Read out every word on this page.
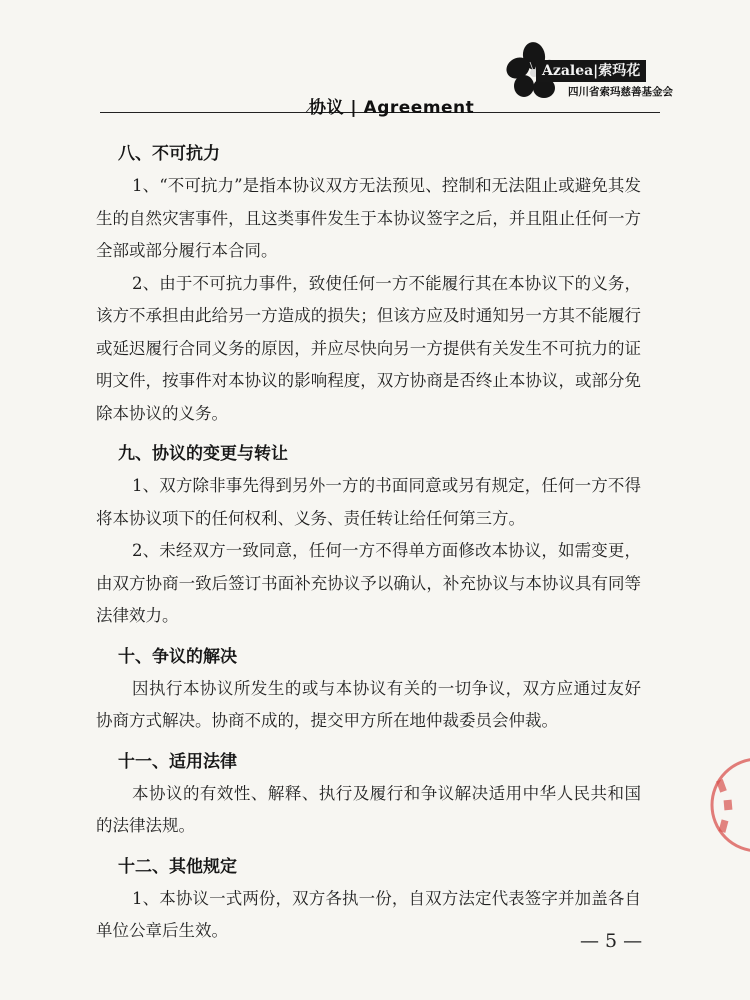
协议 | Agreement
Azalea|索玛花
四川省索玛慈善基金会
八、不可抗力

1、“不可抗力”是指本协议双方无法预见、控制和无法阻止或避免其发生的自然灾害事件，且这类事件发生于本协议签字之后，并且阻止任何一方全部或部分履行本合同。

2、由于不可抗力事件，致使任何一方不能履行其在本协议下的义务，该方不承担由此给另一方造成的损失；但该方应及时通知另一方其不能履行或延迟履行合同义务的原因，并应尽快向另一方提供有关发生不可抗力的证明文件，按事件对本协议的影响程度，双方协商是否终止本协议，或部分免除本协议的义务。

九、协议的变更与转让

1、双方除非事先得到另外一方的书面同意或另有规定，任何一方不得将本协议项下的任何权利、义务、责任转让给任何第三方。

2、未经双方一致同意，任何一方不得单方面修改本协议，如需变更，由双方协商一致后签订书面补充协议予以确认，补充协议与本协议具有同等法律效力。

十、争议的解决

因执行本协议所发生的或与本协议有关的一切争议，双方应通过友好协商方式解决。协商不成的，提交甲方所在地仲裁委员会仲裁。

十一、适用法律

本协议的有效性、解释、执行及履行和争议解决适用中华人民共和国的法律法规。

十二、其他规定

1、本协议一式两份，双方各执一份，自双方法定代表签字并加盖各自单位公章后生效。	— 5 —
